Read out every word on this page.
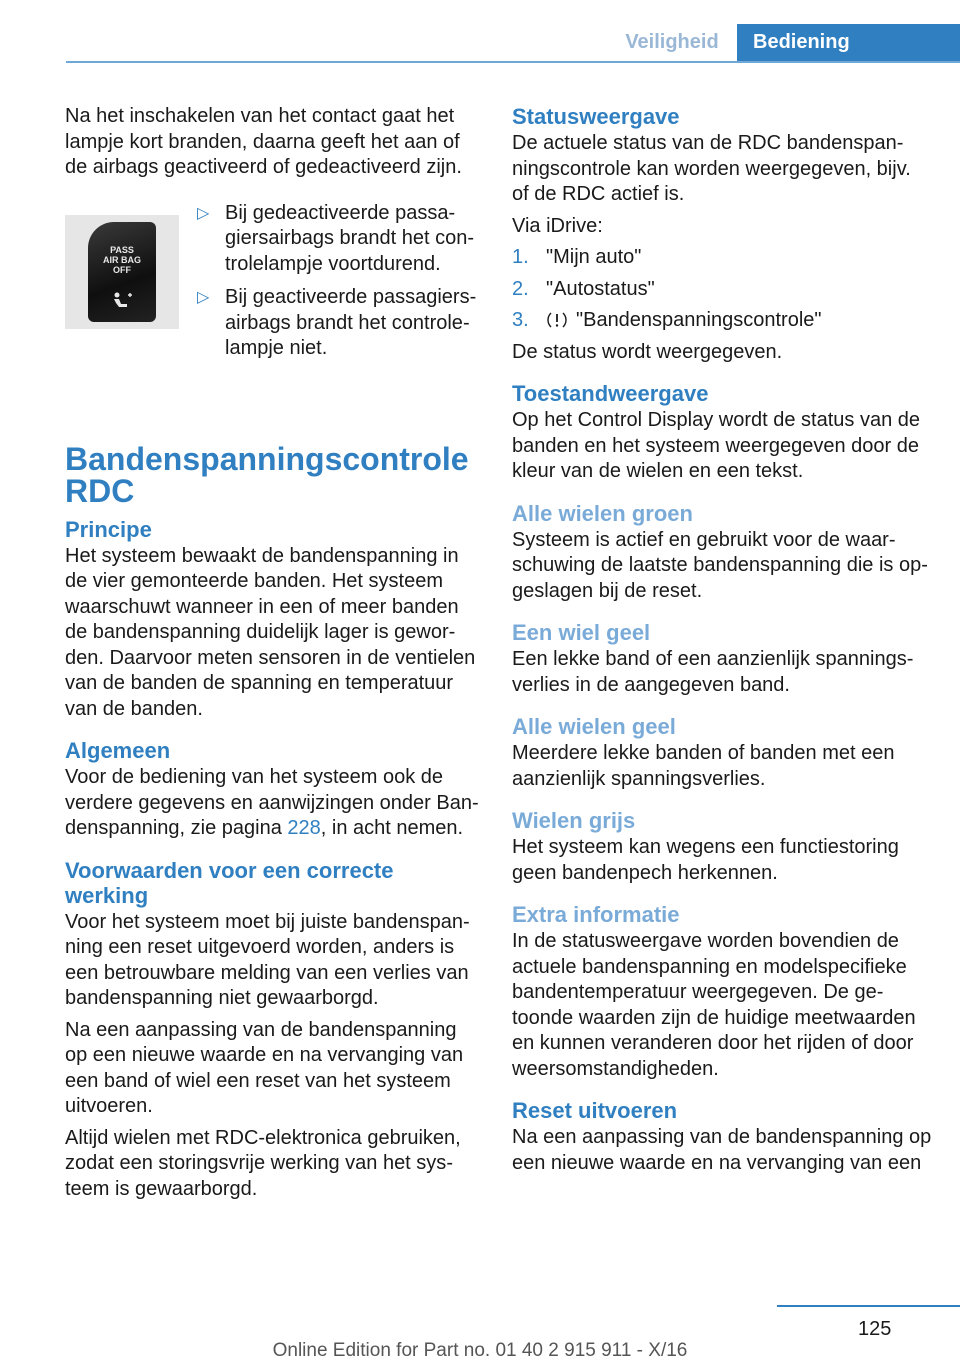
Veiligheid	Bediening

Na het inschakelen van het contact gaat het lampje kort branden, daarna geeft het aan of de airbags geactiveerd of gedeactiveerd zijn.

PASS
AIR BAG
OFF
▷ Bij gedeactiveerde passagiersairbags brandt het controlelampje voortdurend.
▷ Bij geactiveerde passagiersairbags brandt het controlelampje niet.
Bandenspanningscontrole
RDC
Principe

Het systeem bewaakt de bandenspanning in de vier gemonteerde banden. Het systeem waarschuwt wanneer in een of meer banden de bandenspanning duidelijk lager is geworden. Daarvoor meten sensoren in de ventielen van de banden de spanning en temperatuur van de banden.

Algemeen

Voor de bediening van het systeem ook de verdere gegevens en aanwijzingen onder Bandenspanning, zie pagina 228, in acht nemen.

Voorwaarden voor een correcte werking

Voor het systeem moet bij juiste bandenspanning een reset uitgevoerd worden, anders is een betrouwbare melding van een verlies van bandenspanning niet gewaarborgd.

Na een aanpassing van de bandenspanning op een nieuwe waarde en na vervanging van een band of wiel een reset van het systeem uitvoeren.

Altijd wielen met RDC-elektronica gebruiken, zodat een storingsvrije werking van het systeem is gewaarborgd.

Statusweergave

De actuele status van de RDC bandenspanningscontrole kan worden weergegeven, bijv. of de RDC actief is.

Via iDrive:

1. "Mijn auto"
2. "Autostatus"
3. "Bandenspanningscontrole"

De status wordt weergegeven.

Toestandweergave

Op het Control Display wordt de status van de banden en het systeem weergegeven door de kleur van de wielen en een tekst.

Alle wielen groen

Systeem is actief en gebruikt voor de waarschuwing de laatste bandenspanning die is opgeslagen bij de reset.

Een wiel geel

Een lekke band of een aanzienlijk spanningsverlies in de aangegeven band.

Alle wielen geel

Meerdere lekke banden of banden met een aanzienlijk spanningsverlies.

Wielen grijs

Het systeem kan wegens een functiestoring geen bandenpech herkennen.

Extra informatie

In de statusweergave worden bovendien de actuele bandenspanning en modelspecifieke bandentemperatuur weergegeven. De getoonde waarden zijn de huidige meetwaarden en kunnen veranderen door het rijden of door weersomstandigheden.

Reset uitvoeren

Na een aanpassing van de bandenspanning op een nieuwe waarde en na vervanging van een

125
Online Edition for Part no. 01 40 2 915 911 - X/16
